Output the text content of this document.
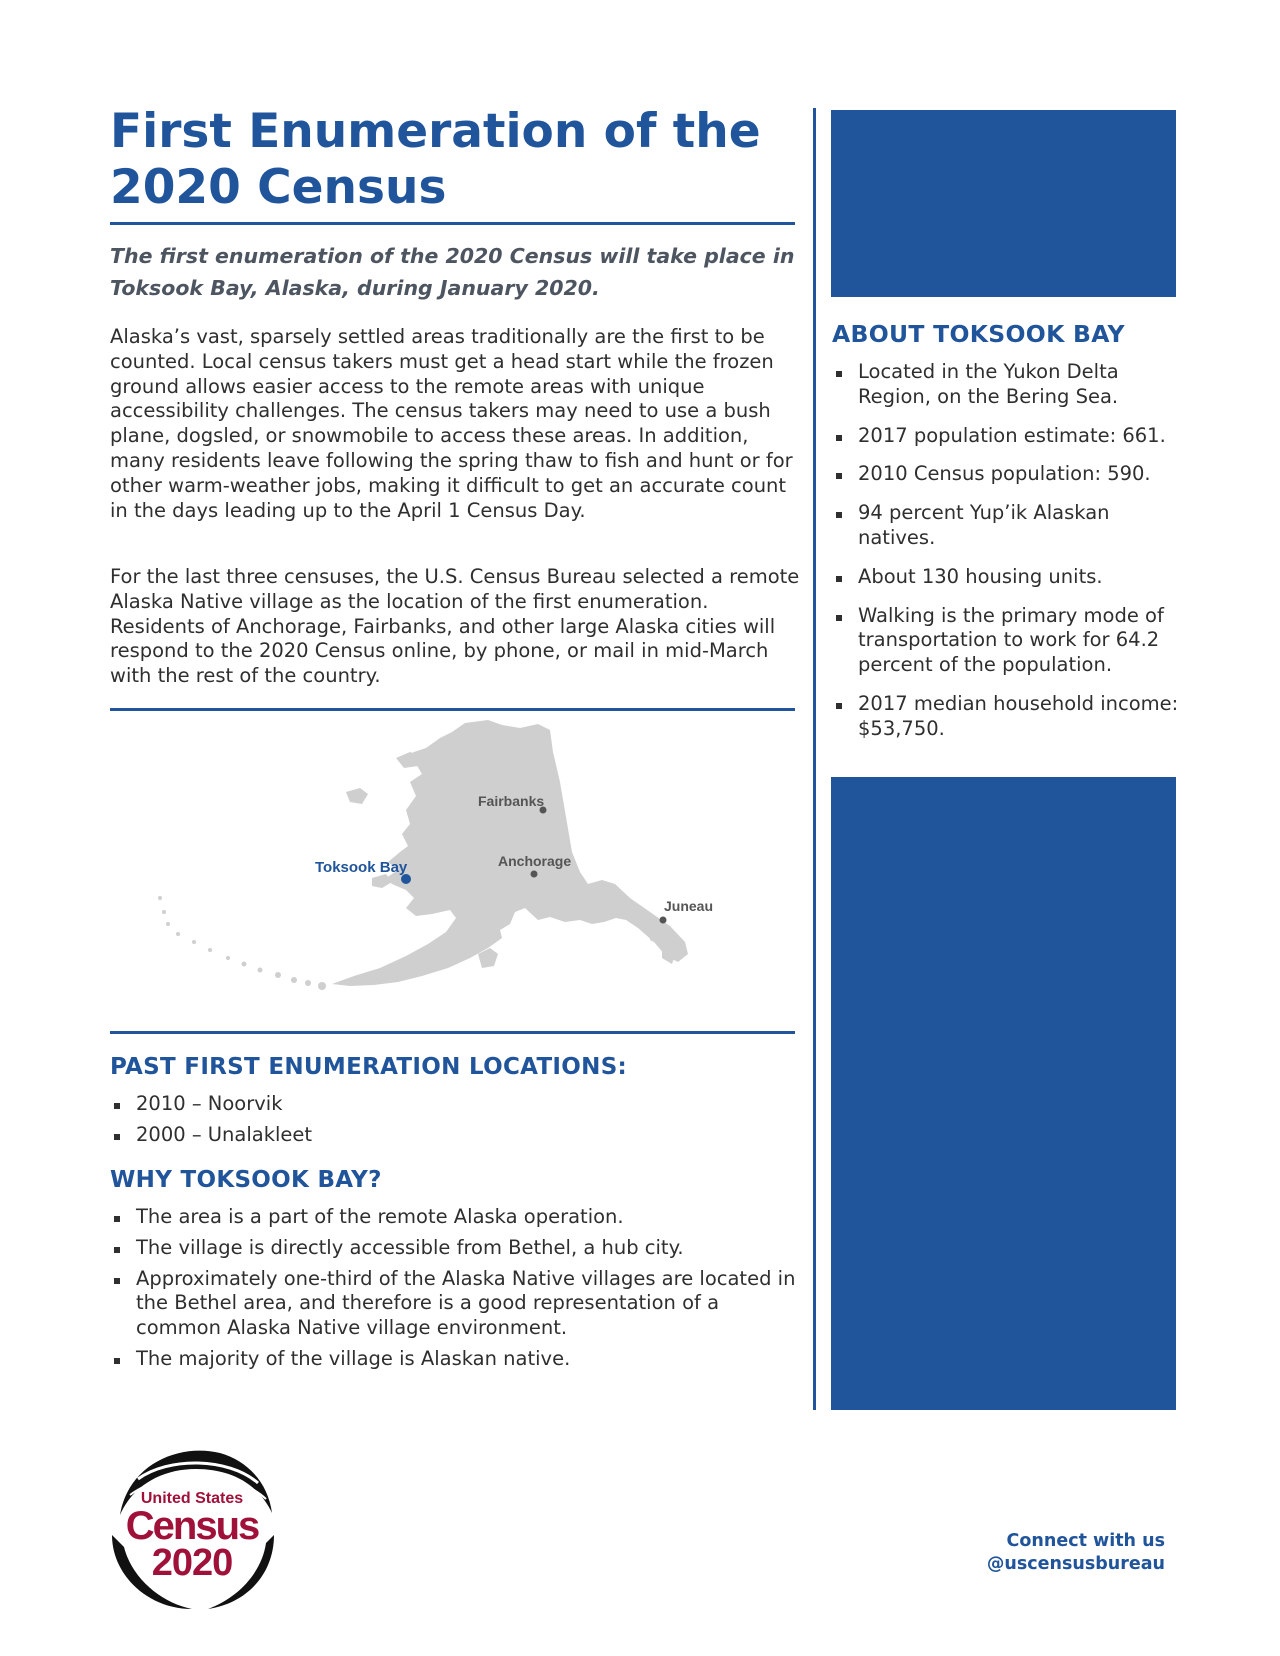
First Enumeration of the
2020 Census

The first enumeration of the 2020 Census will take place in Toksook Bay, Alaska, during January 2020.

Alaska’s vast, sparsely settled areas traditionally are the first to be counted. Local census takers must get a head start while the frozen ground allows easier access to the remote areas with unique accessibility challenges. The census takers may need to use a bush plane, dogsled, or snowmobile to access these areas. In addition, many residents leave following the spring thaw to fish and hunt or for other warm-weather jobs, making it difficult to get an accurate count in the days leading up to the April 1 Census Day.

For the last three censuses, the U.S. Census Bureau selected a remote Alaska Native village as the location of the first enumeration. Residents of Anchorage, Fairbanks, and other large Alaska cities will respond to the 2020 Census online, by phone, or mail in mid-March with the rest of the country.

Fairbanks
Anchorage
Juneau
Toksook Bay
PAST FIRST ENUMERATION LOCATIONS:
2010 – Noorvik
2000 – Unalakleet
WHY TOKSOOK BAY?
The area is a part of the remote Alaska operation.
The village is directly accessible from Bethel, a hub city.
Approximately one-third of the Alaska Native villages are located in the Bethel area, and therefore is a good representation of a common Alaska Native village environment.
The majority of the village is Alaskan native.
ABOUT TOKSOOK BAY
Located in the Yukon Delta Region, on the Bering Sea.
2017 population estimate: 661.
2010 Census population: 590.
94 percent Yup’ik Alaskan natives.
About 130 housing units.
Walking is the primary mode of transportation to work for 64.2 percent of the population.
2017 median household income: $53,750.
United States
Census
2020
Connect with us
@uscensusbureau
